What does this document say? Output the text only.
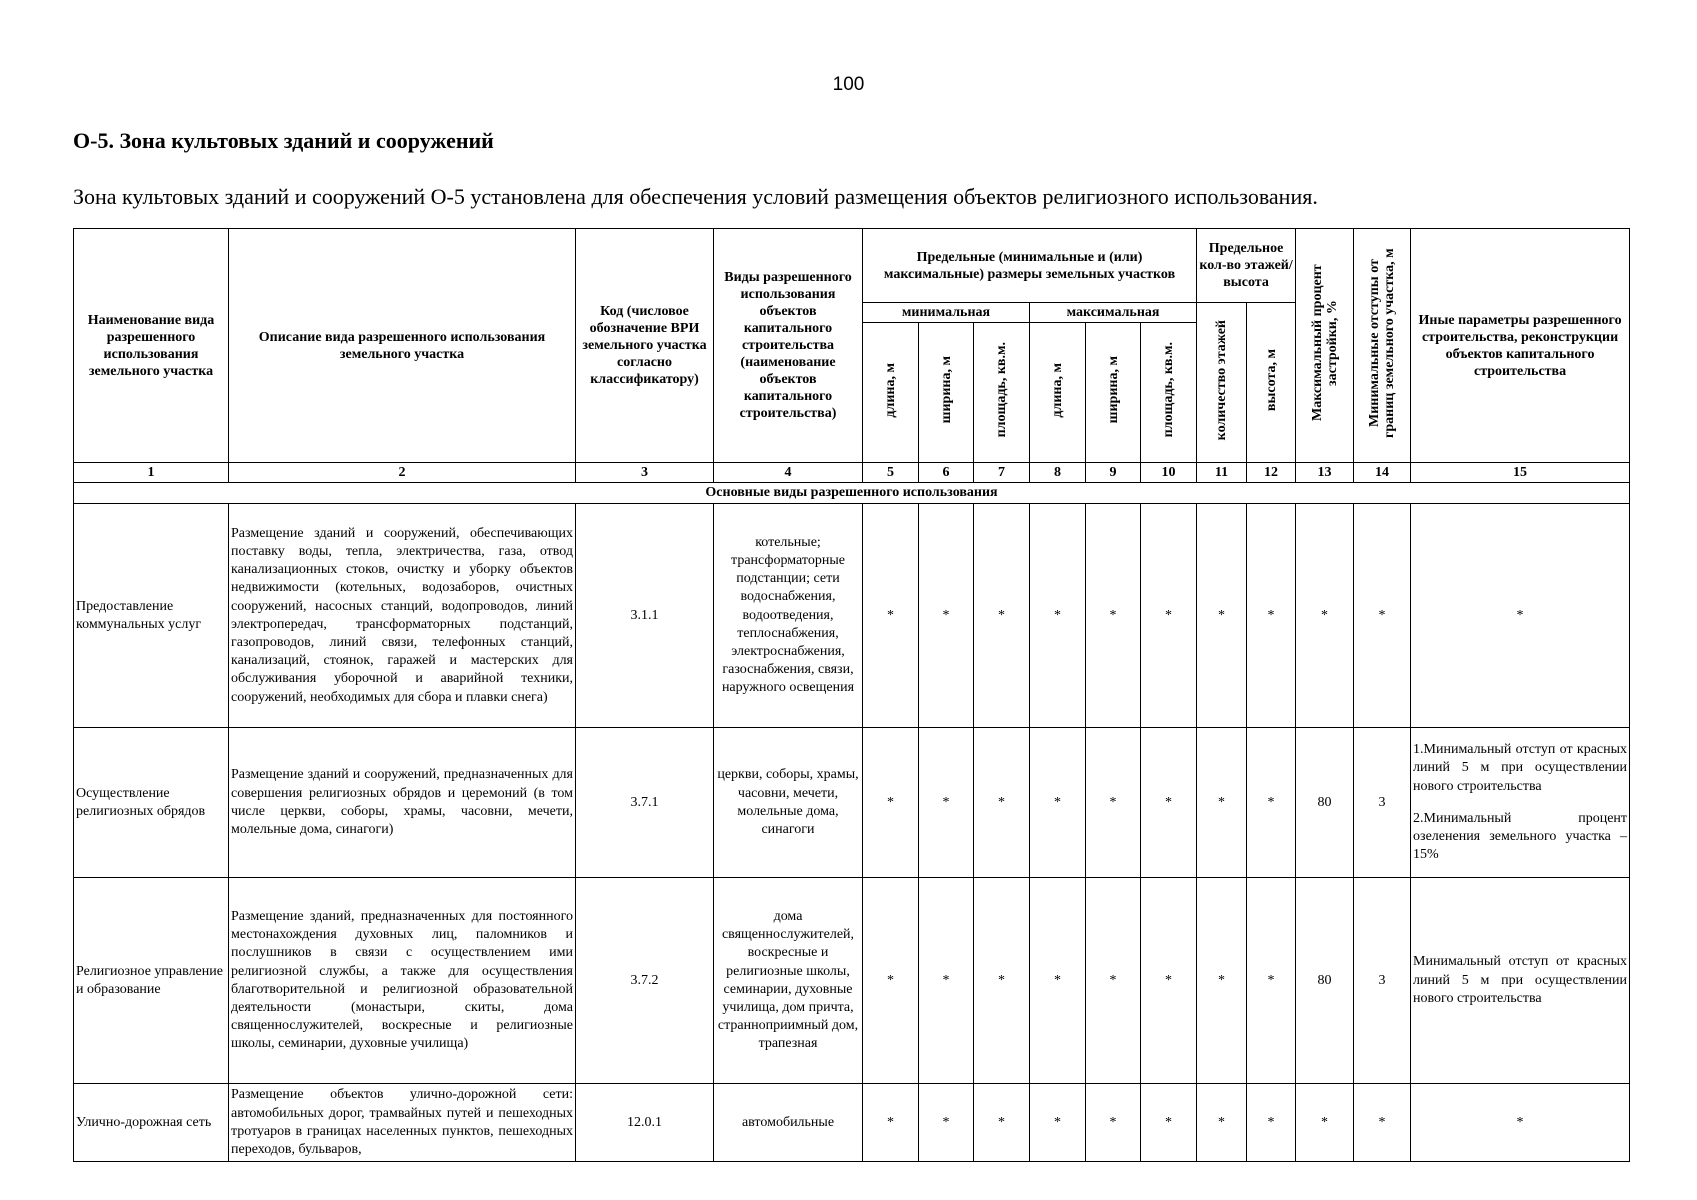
100
О-5. Зона культовых зданий и сооружений
Зона культовых зданий и сооружений О-5 установлена для обеспечения условий размещения объектов религиозного использования.
Наименование вида разрешенного использования земельного участка	Описание вида разрешенного использования земельного участка	Код (числовое обозначение ВРИ земельного участка согласно классификатору)	Виды разрешенного использования объектов капитального строительства (наименование объектов капитального строительства)	Предельные (минимальные и (или) максимальные) размеры земельных участков						Предельное кол-во этажей/ высота		Максимальный процент застройки, %	Минимальные отступы от границ земельного участка, м	Иные параметры разрешенного строительства, реконструкции объектов капитального строительства
				минимальная			максимальная			количество этажей	высота, м			
				длина, м	ширина, м	площадь, кв.м.	длина, м	ширина, м	площадь, кв.м.					
1	2	3	4	5	6	7	8	9	10	11	12	13	14	15
Основные виды разрешенного использования														
Предоставление коммунальных услуг	Размещение зданий и сооружений, обеспечивающих поставку воды, тепла, электричества, газа, отвод канализационных стоков, очистку и уборку объектов недвижимости (котельных, водозаборов, очистных сооружений, насосных станций, водопроводов, линий электропередач, трансформаторных подстанций, газопроводов, линий связи, телефонных станций, канализаций, стоянок, гаражей и мастерских для обслуживания уборочной и аварийной техники, сооружений, необходимых для сбора и плавки снега)	3.1.1	котельные; трансформаторные подстанции; сети водоснабжения, водоотведения, теплоснабжения, электроснабжения, газоснабжения, связи, наружного освещения	*	*	*	*	*	*	*	*	*	*	*
Осуществление религиозных обрядов	Размещение зданий и сооружений, предназначенных для совершения религиозных обрядов и церемоний (в том числе церкви, соборы, храмы, часовни, мечети, молельные дома, синагоги)	3.7.1	церкви, соборы, храмы, часовни, мечети, молельные дома, синагоги	*	*	*	*	*	*	*	*	80	3	1.Минимальный отступ от красных линий 5 м при осуществлении нового строительства
2.Минимальный процент озеленения земельного участка – 15%
Религиозное управление и образование	Размещение зданий, предназначенных для постоянного местонахождения духовных лиц, паломников и послушников в связи с осуществлением ими религиозной службы, а также для осуществления благотворительной и религиозной образовательной деятельности (монастыри, скиты, дома священнослужителей, воскресные и религиозные школы, семинарии, духовные училища)	3.7.2	дома священнослужителей, воскресные и религиозные школы, семинарии, духовные училища, дом причта, странноприимный дом, трапезная	*	*	*	*	*	*	*	*	80	3	Минимальный отступ от красных линий 5 м при осуществлении нового строительства
Улично-дорожная сеть	Размещение объектов улично-дорожной сети: автомобильных дорог, трамвайных путей и пешеходных тротуаров в границах населенных пунктов, пешеходных переходов, бульваров,	12.0.1	автомобильные	*	*	*	*	*	*	*	*	*	*	*
